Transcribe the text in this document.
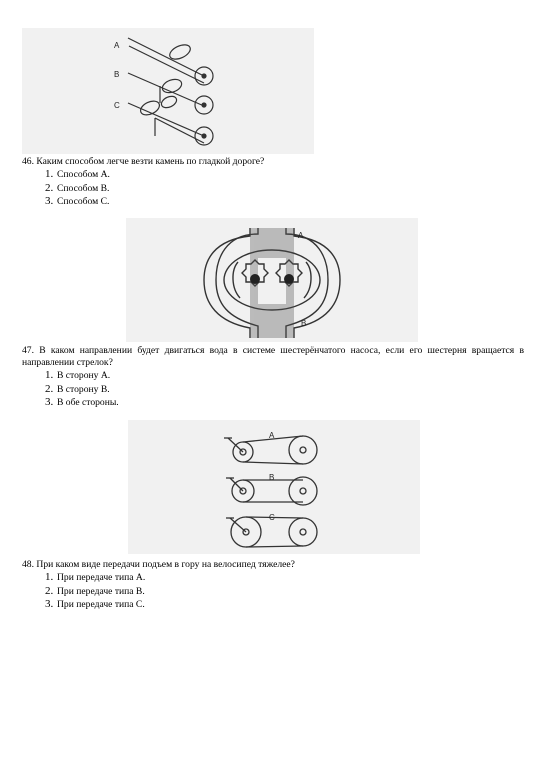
A
B
C
46. Каким способом легче везти камень по гладкой дороге?
1. Способом А.
2. Способом В.
3. Способом С.
A
B
47. В каком направлении будет двигаться вода в системе шестерёнчатого насоса, если его шестерня вращается в направлении стрелок?
1. В сторону А.
2. В сторону В.
3. В обе стороны.
A
B
C
48. При каком виде передачи подъем в гору на велосипед тяжелее?
1. При передаче типа А.
2. При передаче типа В.
3. При передаче типа С.
